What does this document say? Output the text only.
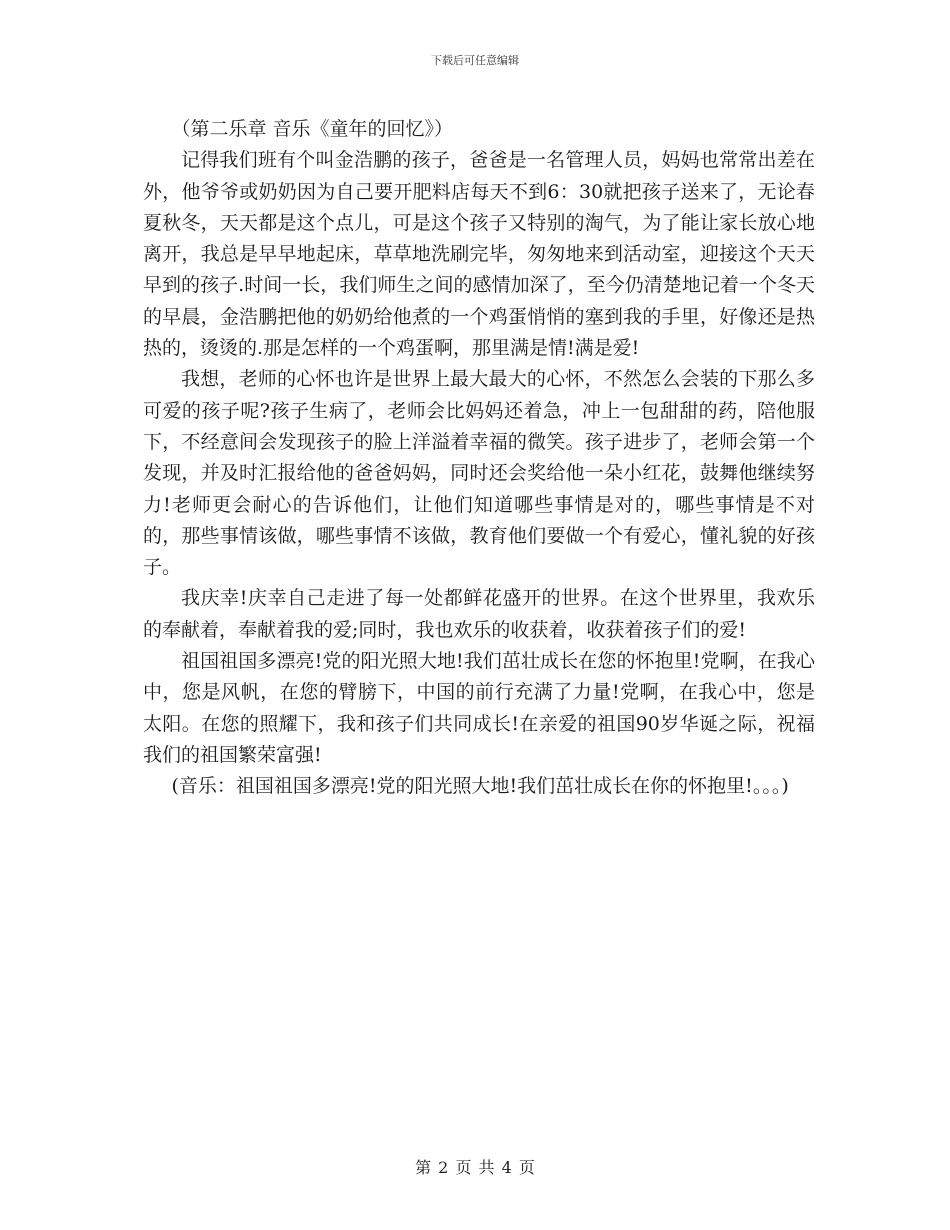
下载后可任意编辑

（第二乐章 音乐《童年的回忆》）

记得我们班有个叫金浩鹏的孩子，爸爸是一名管理人员，妈妈也常常出差在外，他爷爷或奶奶因为自己要开肥料店每天不到6：30就把孩子送来了，无论春夏秋冬，天天都是这个点儿，可是这个孩子又特别的淘气，为了能让家长放心地离开，我总是早早地起床，草草地洗刷完毕，匆匆地来到活动室，迎接这个天天早到的孩子.时间一长，我们师生之间的感情加深了，至今仍清楚地记着一个冬天的早晨，金浩鹏把他的奶奶给他煮的一个鸡蛋悄悄的塞到我的手里，好像还是热热的，烫烫的.那是怎样的一个鸡蛋啊，那里满是情!满是爱!

我想，老师的心怀也许是世界上最大最大的心怀，不然怎么会装的下那么多可爱的孩子呢?孩子生病了，老师会比妈妈还着急，冲上一包甜甜的药，陪他服下，不经意间会发现孩子的脸上洋溢着幸福的微笑。孩子进步了，老师会第一个发现，并及时汇报给他的爸爸妈妈，同时还会奖给他一朵小红花，鼓舞他继续努力!老师更会耐心的告诉他们，让他们知道哪些事情是对的，哪些事情是不对的，那些事情该做，哪些事情不该做，教育他们要做一个有爱心，懂礼貌的好孩子。

我庆幸!庆幸自己走进了每一处都鲜花盛开的世界。在这个世界里，我欢乐的奉献着，奉献着我的爱;同时，我也欢乐的收获着，收获着孩子们的爱!

祖国祖国多漂亮!党的阳光照大地!我们茁壮成长在您的怀抱里!党啊，在我心中，您是风帆，在您的臂膀下，中国的前行充满了力量!党啊，在我心中，您是太阳。在您的照耀下，我和孩子们共同成长!在亲爱的祖国90岁华诞之际，祝福我们的祖国繁荣富强!

(音乐：祖国祖国多漂亮!党的阳光照大地!我们茁壮成长在你的怀抱里!。。。)

第 2 页 共 4 页
